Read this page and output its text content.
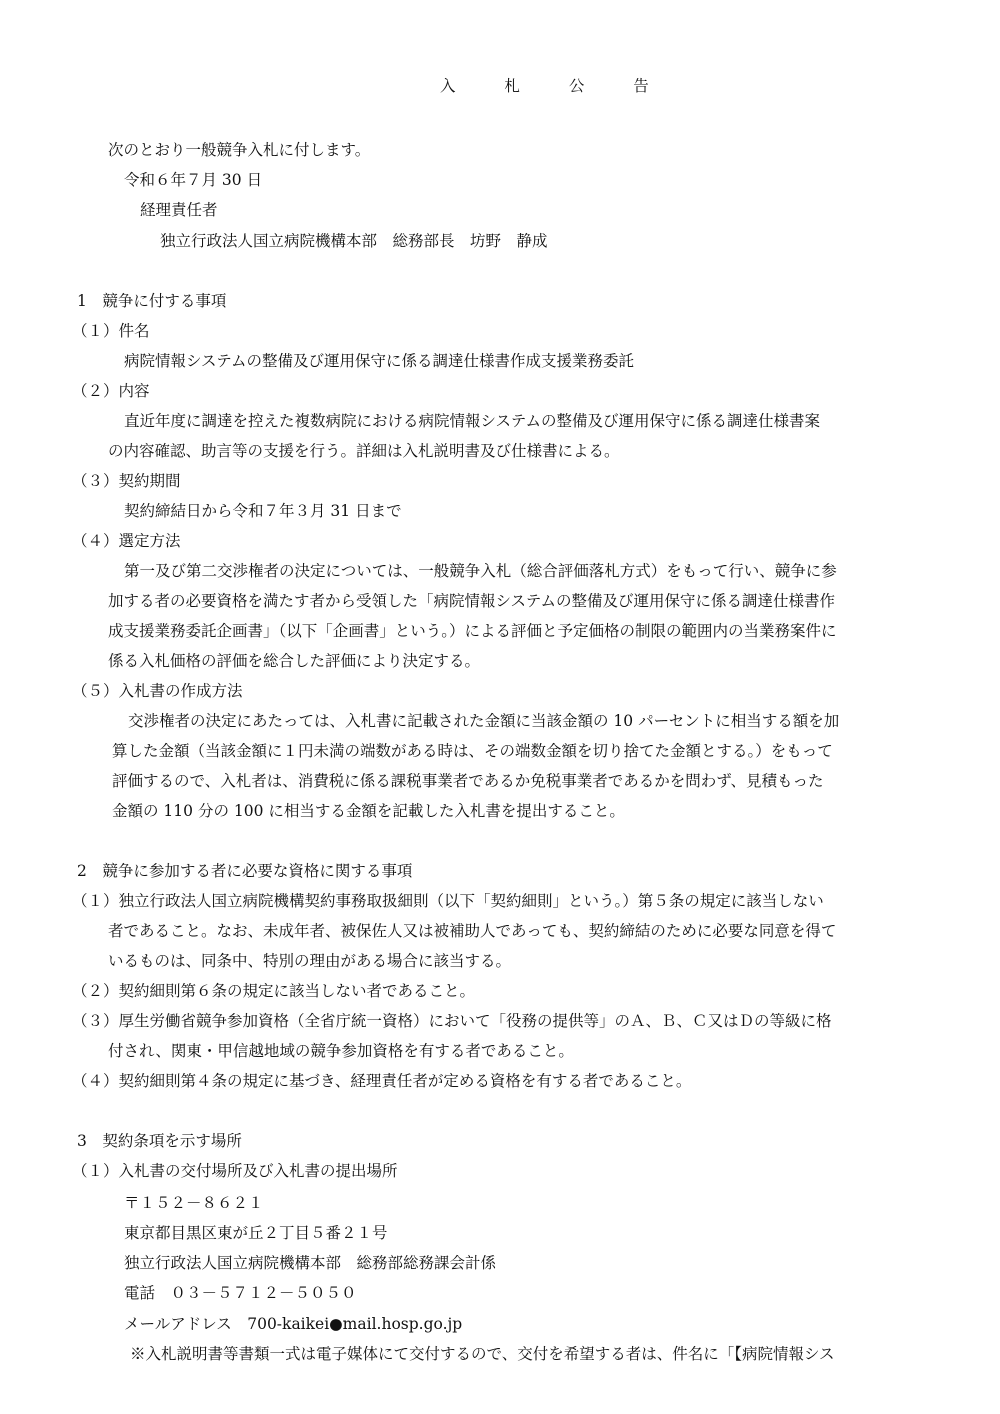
入 札 公 告
次のとおり一般競争入札に付します。
令和６年７月 30 日
経理責任者
独立行政法人国立病院機構本部　総務部長　坊野　静成
1　競争に付する事項
（１）件名
病院情報システムの整備及び運用保守に係る調達仕様書作成支援業務委託
（２）内容
直近年度に調達を控えた複数病院における病院情報システムの整備及び運用保守に係る調達仕様書案
の内容確認、助言等の支援を行う。詳細は入札説明書及び仕様書による。
（３）契約期間
契約締結日から令和７年３月 31 日まで
（４）選定方法
第一及び第二交渉権者の決定については、一般競争入札（総合評価落札方式）をもって行い、競争に参
加する者の必要資格を満たす者から受領した「病院情報システムの整備及び運用保守に係る調達仕様書作
成支援業務委託企画書」（以下「企画書」という。）による評価と予定価格の制限の範囲内の当業務案件に
係る入札価格の評価を総合した評価により決定する。
（５）入札書の作成方法
交渉権者の決定にあたっては、入札書に記載された金額に当該金額の 10 パーセントに相当する額を加
算した金額（当該金額に１円未満の端数がある時は、その端数金額を切り捨てた金額とする。）をもって
評価するので、入札者は、消費税に係る課税事業者であるか免税事業者であるかを問わず、見積もった
金額の 110 分の 100 に相当する金額を記載した入札書を提出すること。
2　競争に参加する者に必要な資格に関する事項
（１）独立行政法人国立病院機構契約事務取扱細則（以下「契約細則」という。）第５条の規定に該当しない
者であること。なお、未成年者、被保佐人又は被補助人であっても、契約締結のために必要な同意を得て
いるものは、同条中、特別の理由がある場合に該当する。
（２）契約細則第６条の規定に該当しない者であること。
（３）厚生労働省競争参加資格（全省庁統一資格）において「役務の提供等」のＡ、Ｂ、Ｃ又はＤの等級に格
付され、関東・甲信越地域の競争参加資格を有する者であること。
（４）契約細則第４条の規定に基づき、経理責任者が定める資格を有する者であること。
3　契約条項を示す場所
（１）入札書の交付場所及び入札書の提出場所
〒１５２－８６２１
東京都目黒区東が丘２丁目５番２１号
独立行政法人国立病院機構本部　総務部総務課会計係
電話　０３－５７１２－５０５０
メールアドレス　700-kaikei●mail.hosp.go.jp
※入札説明書等書類一式は電子媒体にて交付するので、交付を希望する者は、件名に「【病院情報シス
